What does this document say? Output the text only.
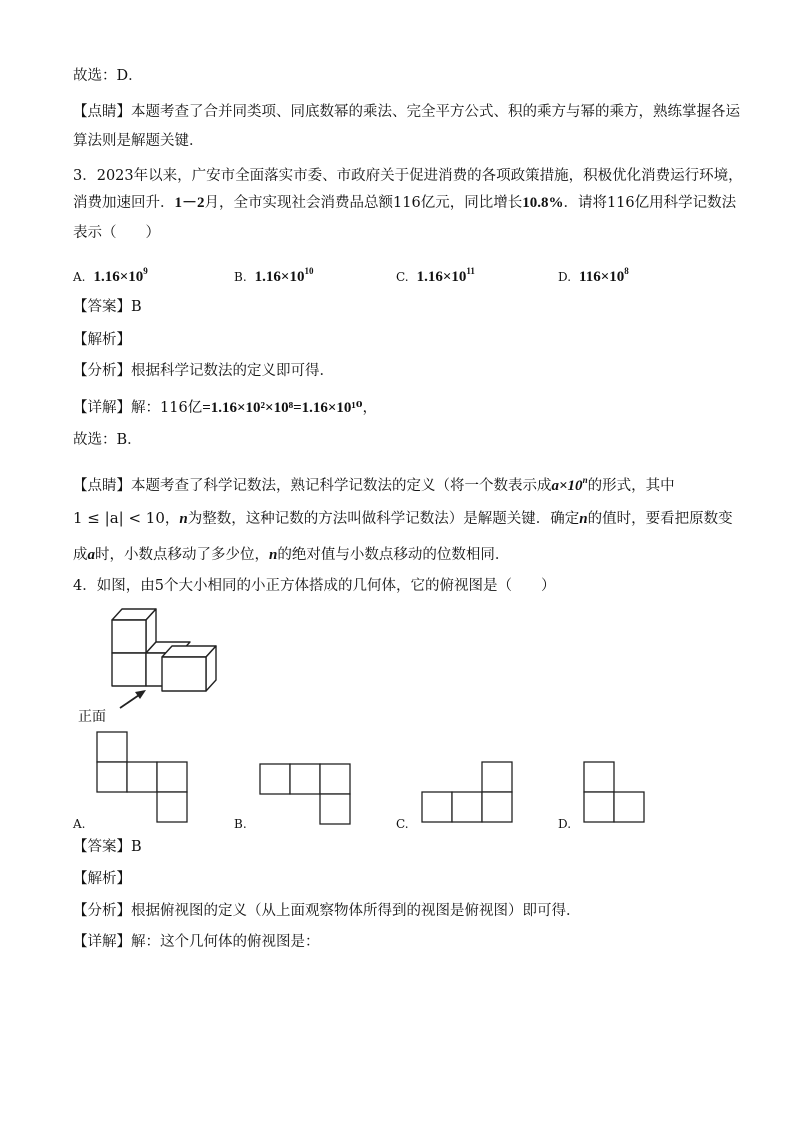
故选：D．
【点睛】本题考查了合并同类项、同底数幂的乘法、完全平方公式、积的乘方与幂的乘方，熟练掌握各运
算法则是解题关键．
3．2023年以来，广安市全面落实市委、市政府关于促进消费的各项政策措施，积极优化消费运行环境，
消费加速回升．1－2月，全市实现社会消费品总额116亿元，同比增长10.8%．请将116亿用科学记数法
表示（　　）
A. $1.16\times 10^9$	B. $1.16\times 10^{10}$	C. $1.16\times 10^{11}$	D. $116\times 10^8$
【答案】B
【解析】
【分析】根据科学记数法的定义即可得．
【详解】解：116亿=1.16×10²×10⁸=1.16×10¹⁰，
故选：B．
【点睛】本题考查了科学记数法，熟记科学记数法的定义（将一个数表示成$a\times 10^n$的形式，其中
1 ≤ |a| < 10，n为整数，这种记数的方法叫做科学记数法）是解题关键．确定n的值时，要看把原数变
成a时，小数点移动了多少位，n的绝对值与小数点移动的位数相同．
4．如图，由5个大小相同的小正方体搭成的几何体，它的俯视图是（　　）
正面
A.	B.	C.	D.
【答案】B
【解析】
【分析】根据俯视图的定义（从上面观察物体所得到的视图是俯视图）即可得．
【详解】解：这个几何体的俯视图是：
